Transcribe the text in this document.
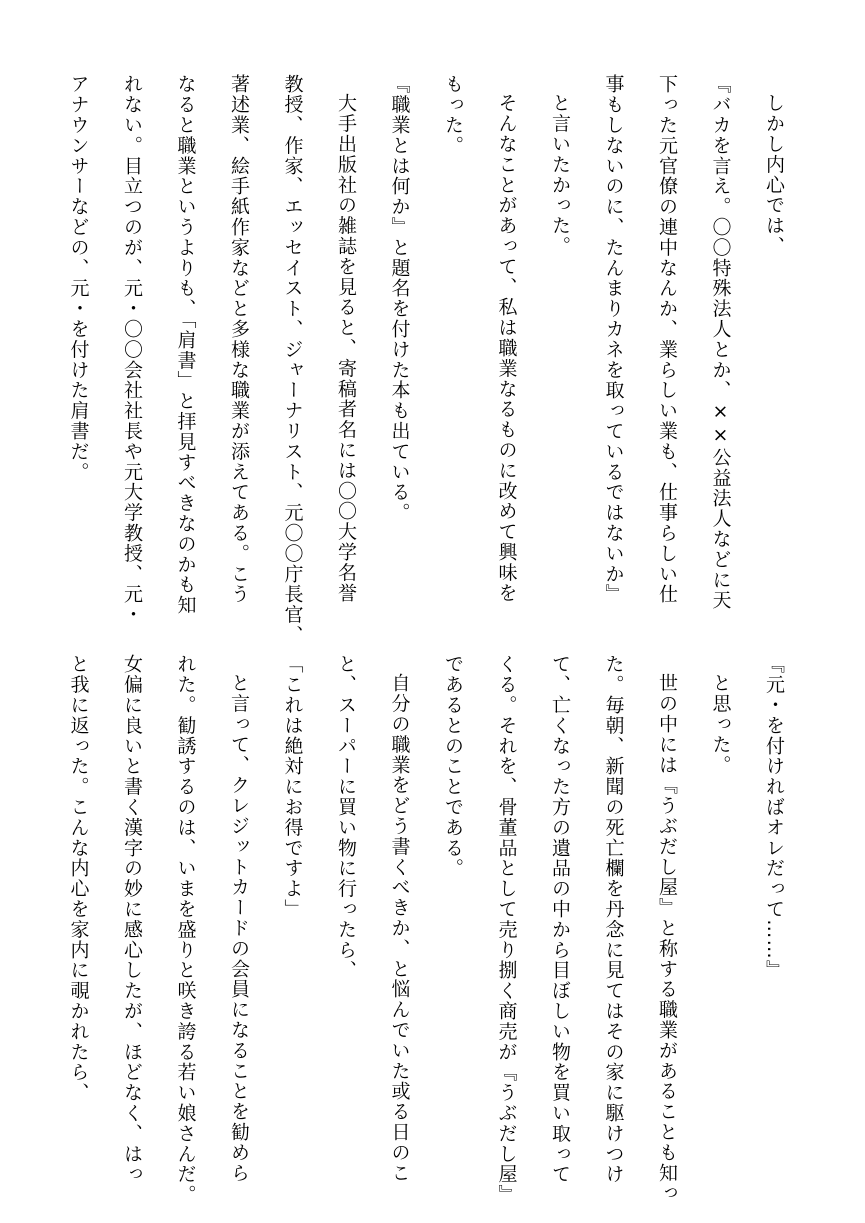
しかし内心では、
『バカを言え。〇〇特殊法人とか、××公益法人などに天
下った元官僚の連中なんか、業らしい業も、仕事らしい仕
事もしないのに、たんまりカネを取っているではないか』
と言いたかった。
そんなことがあって、私は職業なるものに改めて興味を
もった。
『職業とは何か』と題名を付けた本も出ている。
大手出版社の雑誌を見ると、寄稿者名には〇〇大学名誉
教授、作家、エッセイスト、ジャーナリスト、元〇〇庁長官、
著述業、絵手紙作家などと多様な職業が添えてある。こう
なると職業というよりも、「肩書」と拝見すべきなのかも知
れない。目立つのが、元・〇〇会社社長や元大学教授、元・
アナウンサーなどの、元・を付けた肩書だ。
『元・を付ければオレだって……』
と思った。
世の中には『うぶだし屋』と称する職業があることも知っ
た。毎朝、新聞の死亡欄を丹念に見てはその家に駆けつけ
て、亡くなった方の遺品の中から目ぼしい物を買い取って
くる。それを、骨董品として売り捌く商売が『うぶだし屋』
であるとのことである。
自分の職業をどう書くべきか、と悩んでいた或る日のこ
と、スーパーに買い物に行ったら、
「これは絶対にお得ですよ」
と言って、クレジットカードの会員になることを勧めら
れた。勧誘するのは、いまを盛りと咲き誇る若い娘さんだ。
女偏に良いと書く漢字の妙に感心したが、ほどなく、はっ
と我に返った。こんな内心を家内に覗かれたら、
